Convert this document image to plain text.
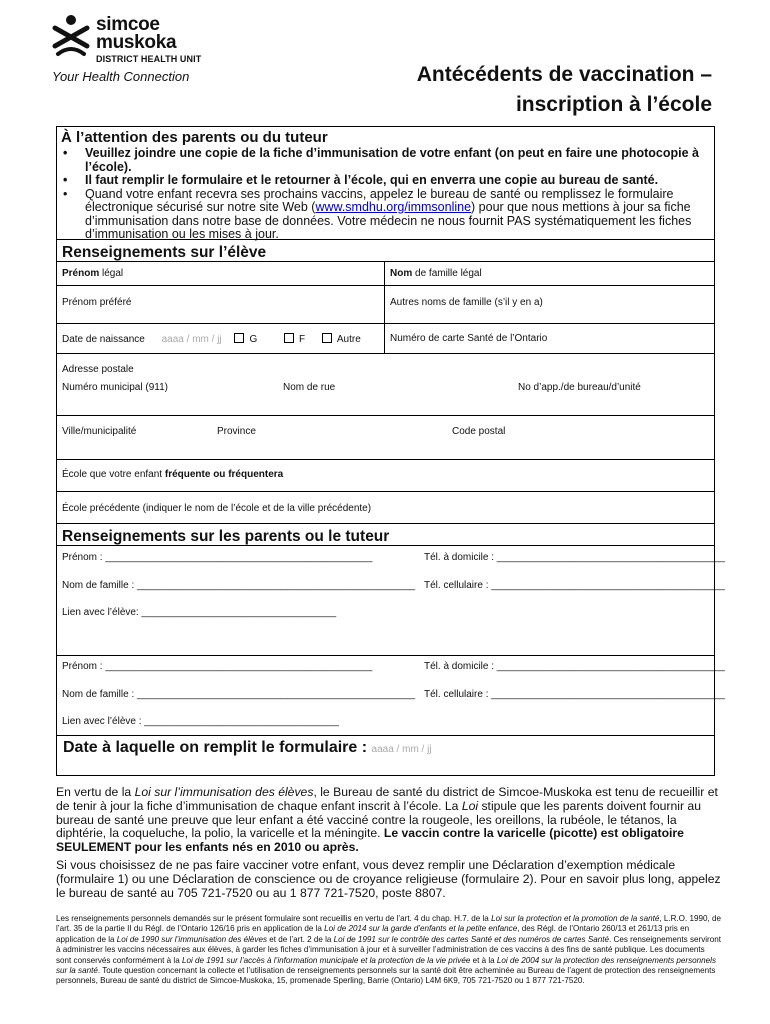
simcoe
muskoka
DISTRICT HEALTH UNIT
Your Health Connection	Antécédents de vaccination –
inscription à l’école
À l’attention des parents ou du tuteur
• Veuillez joindre une copie de la fiche d’immunisation de votre enfant (on peut en faire une photocopie à l’école).
• Il faut remplir le formulaire et le retourner à l’école, qui en enverra une copie au bureau de santé.
• Quand votre enfant recevra ses prochains vaccins, appelez le bureau de santé ou remplissez le formulaire électronique sécurisé sur notre site Web (www.smdhu.org/immsonline) pour que nous mettions à jour sa fiche d’immunisation dans notre base de données. Votre médecin ne nous fournit PAS systématiquement les fiches d’immunisation ou les mises à jour.
Renseignements sur l’élève
Prénom légal	Nom de famille légal
Prénom préféré	Autres noms de famille (s’il y en a)
Date de naissance aaaa / mm / jj	G	F	Autre	Numéro de carte Santé de l’Ontario
Adresse postale
Numéro municipal (911)	Nom de rue	No d’app./de bureau/d’unité
Ville/municipalité	Province	Code postal
École que votre enfant fréquente ou fréquentera
École précédente (indiquer le nom de l’école et de la ville précédente)
Renseignements sur les parents ou le tuteur
Prénom : ________________________________________________	Tél. à domicile : _________________________________________
Nom de famille : __________________________________________________ Tél. cellulaire : __________________________________________
Lien avec l’élève: ___________________________________
Prénom : ________________________________________________	Tél. à domicile : _________________________________________
Nom de famille : __________________________________________________ Tél. cellulaire : __________________________________________
Lien avec l’élève : ___________________________________
Date à laquelle on remplit le formulaire : aaaa / mm / jj
En vertu de la Loi sur l’immunisation des élèves, le Bureau de santé du district de Simcoe-Muskoka est tenu de recueillir et de tenir à jour la fiche d’immunisation de chaque enfant inscrit à l’école. La Loi stipule que les parents doivent fournir au bureau de santé une preuve que leur enfant a été vacciné contre la rougeole, les oreillons, la rubéole, le tétanos, la diphtérie, la coqueluche, la polio, la varicelle et la méningite. Le vaccin contre la varicelle (picotte) est obligatoire SEULEMENT pour les enfants nés en 2010 ou après.
Si vous choisissez de ne pas faire vacciner votre enfant, vous devez remplir une Déclaration d’exemption médicale (formulaire 1) ou une Déclaration de conscience ou de croyance religieuse (formulaire 2). Pour en savoir plus long, appelez le bureau de santé au 705 721-7520 ou au 1 877 721-7520, poste 8807.
Les renseignements personnels demandés sur le présent formulaire sont recueillis en vertu de l’art. 4 du chap. H.7. de la Loi sur la protection et la promotion de la santé, L.R.O. 1990, de l’art. 35 de la partie II du Régl. de l’Ontario 126/16 pris en application de la Loi de 2014 sur la garde d’enfants et la petite enfance, des Régl. de l’Ontario 260/13 et 261/13 pris en application de la Loi de 1990 sur l’immunisation des élèves et de l’art. 2 de la Loi de 1991 sur le contrôle des cartes Santé et des numéros de cartes Santé. Ces renseignements serviront à administrer les vaccins nécessaires aux élèves, à garder les fiches d’immunisation à jour et à surveiller l’administration de ces vaccins à des fins de santé publique. Les documents sont conservés conformément à la Loi de 1991 sur l’accès à l’information municipale et la protection de la vie privée et à la Loi de 2004 sur la protection des renseignements personnels sur la santé. Toute question concernant la collecte et l’utilisation de renseignements personnels sur la santé doit être acheminée au Bureau de l’agent de protection des renseignements personnels, Bureau de santé du district de Simcoe-Muskoka, 15, promenade Sperling, Barrie (Ontario) L4M 6K9, 705 721-7520 ou 1 877 721-7520.
